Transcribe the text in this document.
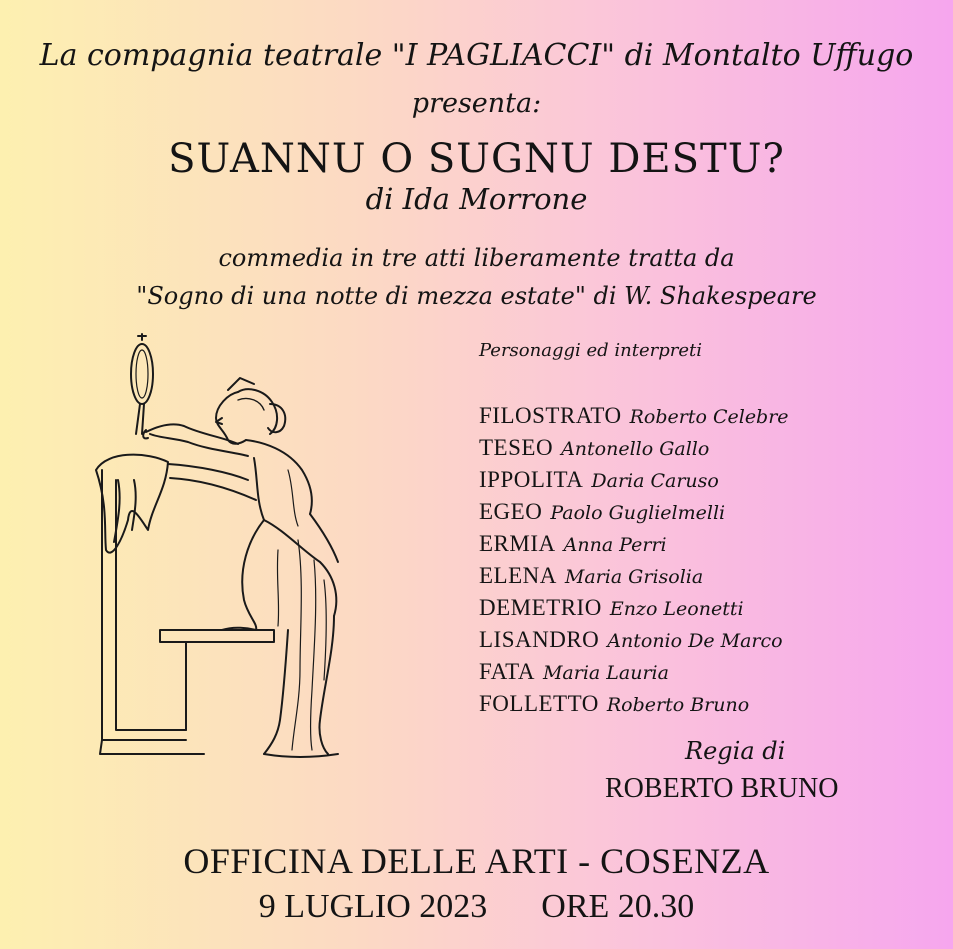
La compagnia teatrale "I PAGLIACCI" di Montalto Uffugo
presenta:
SUANNU O SUGNU DESTU?
di Ida Morrone
commedia in tre atti liberamente tratta da
"Sogno di una notte di mezza estate" di W. Shakespeare
Personaggi ed interpreti
FILOSTRATO Roberto Celebre
TESEO Antonello Gallo
IPPOLITA Daria Caruso
EGEO Paolo Guglielmelli
ERMIA Anna Perri
ELENA Maria Grisolia
DEMETRIO Enzo Leonetti
LISANDRO Antonio De Marco
FATA Maria Lauria
FOLLETTO Roberto Bruno
Regia di
ROBERTO BRUNO
OFFICINA DELLE ARTI - COSENZA
9 LUGLIO 2023 ORE 20.30
